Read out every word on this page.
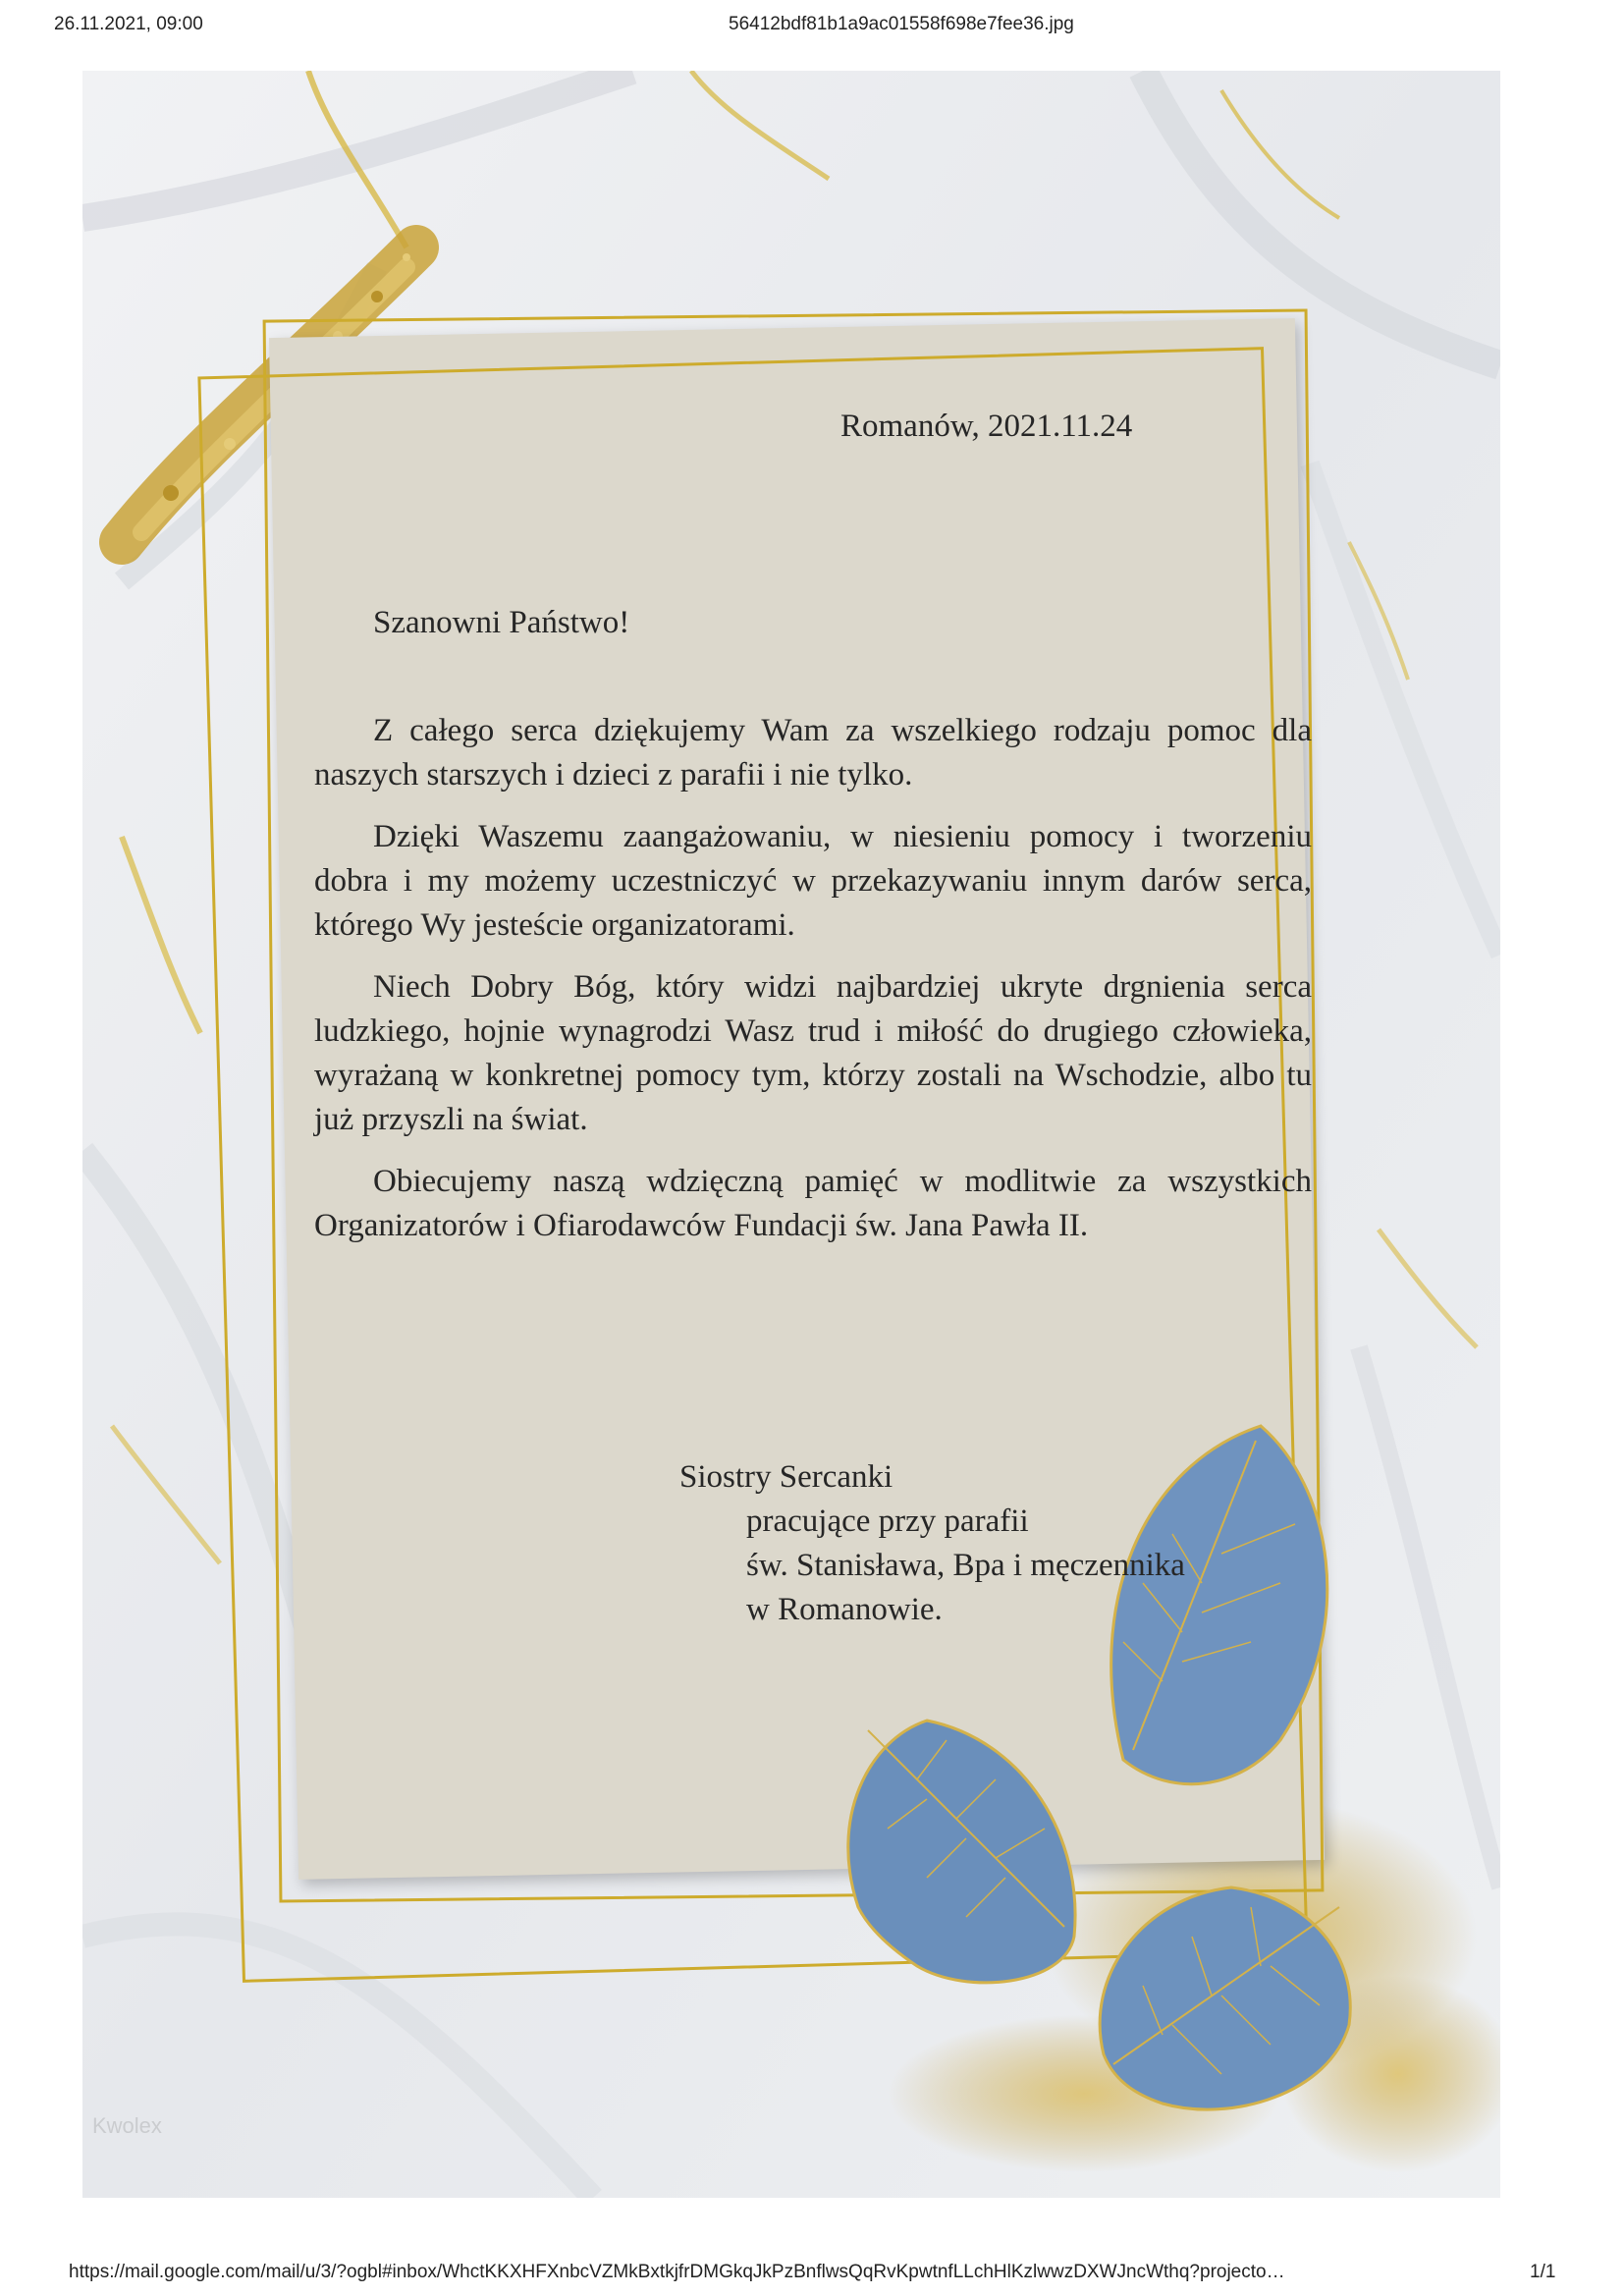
26.11.2021, 09:00	56412bdf81b1a9ac01558f698e7fee36.jpg
Romanów, 2021.11.24
Szanowni Państwo!

Z całego serca dziękujemy Wam za wszelkiego rodzaju pomoc dla naszych starszych i dzieci z parafii i nie tylko.

Dzięki Waszemu zaangażowaniu, w niesieniu pomocy i tworzeniu dobra i my możemy uczestniczyć w przekazywaniu innym darów serca, którego Wy jesteście organizatorami.

Niech Dobry Bóg, który widzi najbardziej ukryte drgnienia serca ludzkiego, hojnie wynagrodzi Wasz trud i miłość do drugiego człowieka, wyrażaną w konkretnej pomocy tym, którzy zostali na Wschodzie, albo tu już przyszli na świat.

Obiecujemy naszą wdzięczną pamięć w modlitwie za wszystkich Organizatorów i Ofiarodawców Fundacji św. Jana Pawła II.

Siostry Sercanki
pracujące przy parafii
św. Stanisława, Bpa i męczennika
w Romanowie.
Kwolex
https://mail.google.com/mail/u/3/?ogbl#inbox/WhctKKXHFXnbcVZMkBxtkjfrDMGkqJkPzBnflwsQqRvKpwtnfLLchHlKzlwwzDXWJncWthq?projecto…	1/1
